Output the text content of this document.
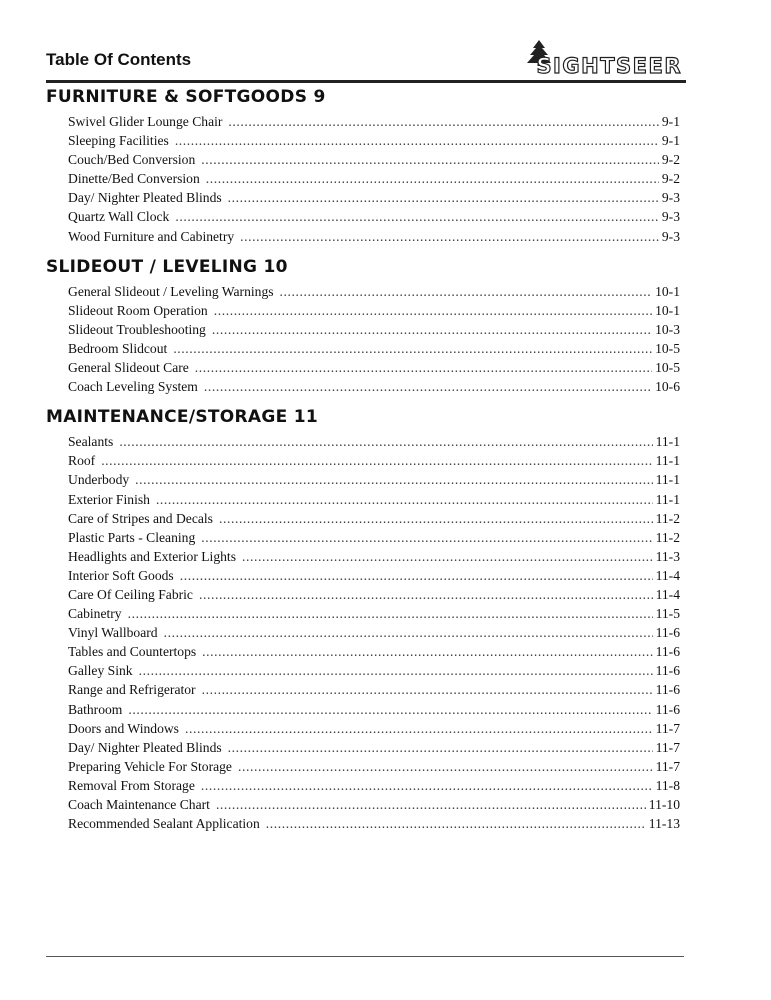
Table Of Contents	SIGHTSEER
FURNITURE & SOFTGOODS 9
Swivel Glider Lounge Chair . . .	9-1
Sleeping Facilities . . .	9-1
Couch/Bed Conversion . . .	9-2
Dinette/Bed Conversion . . .	9-2
Day/ Nighter Pleated Blinds . . .	9-3
Quartz Wall Clock . . .	9-3
Wood Furniture and Cabinetry . . .	9-3
SLIDEOUT / LEVELING 10
General Slideout / Leveling Warnings . . .	10-1
Slideout Room Operation . . .	10-1
Slideout Troubleshooting . . .	10-3
Bedroom Slidcout . . .	10-5
General Slideout Care . . .	10-5
Coach Leveling System . . .	10-6
MAINTENANCE/STORAGE 11
Sealants . . .	11-1
Roof . . .	11-1
Underbody . . .	11-1
Exterior Finish . . .	11-1
Care of Stripes and Decals . . .	11-2
Plastic Parts - Cleaning . . .	11-2
Headlights and Exterior Lights . . .	11-3
Interior Soft Goods . . .	11-4
Care Of Ceiling Fabric . . .	11-4
Cabinetry . . .	11-5
Vinyl Wallboard . . .	11-6
Tables and Countertops . . .	11-6
Galley Sink . . .	11-6
Range and Refrigerator . . .	11-6
Bathroom . . .	11-6
Doors and Windows . . .	11-7
Day/ Nighter Pleated Blinds . . .	11-7
Preparing Vehicle For Storage . . .	11-7
Removal From Storage . . .	11-8
Coach Maintenance Chart . . .	11-10
Recommended Sealant Application . . .	11-13
